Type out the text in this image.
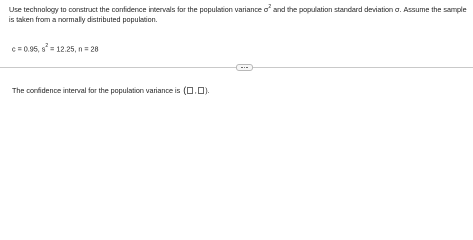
Use technology to construct the confidence intervals for the population variance $\sigma^2$ and the population standard deviation σ. Assume the sample is taken from a normally distributed population.
c = 0.95, $s^2 = 12.25$, n = 28
The confidence interval for the population variance is ( , ).
